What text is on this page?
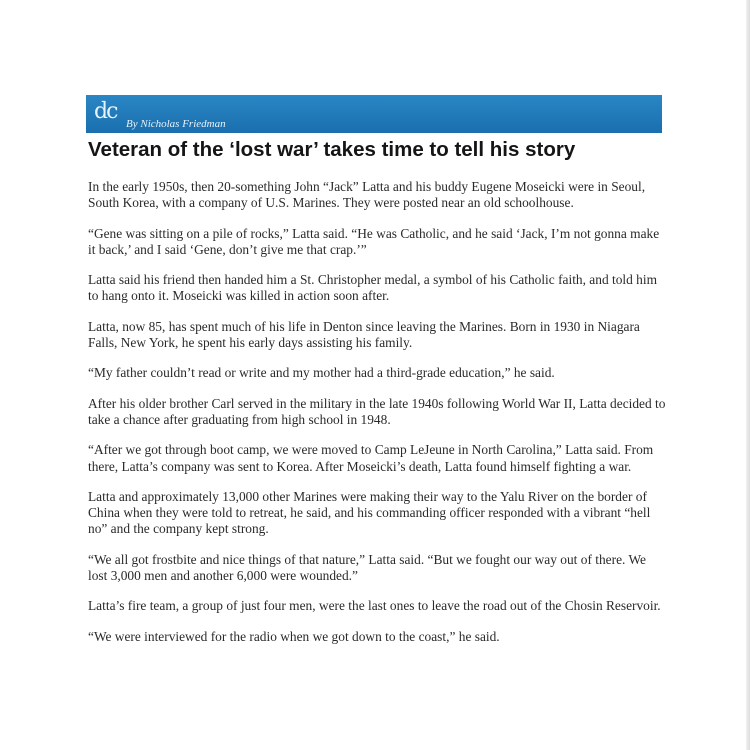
dc By Nicholas Friedman
Veteran of the ‘lost war’ takes time to tell his story

In the early 1950s, then 20-something John “Jack” Latta and his buddy Eugene Moseicki were in Seoul, South Korea, with a company of U.S. Marines. They were posted near an old schoolhouse.

“Gene was sitting on a pile of rocks,” Latta said. “He was Catholic, and he said ‘Jack, I’m not gonna make it back,’ and I said ‘Gene, don’t give me that crap.’”

Latta said his friend then handed him a St. Christopher medal, a symbol of his Catholic faith, and told him to hang onto it. Moseicki was killed in action soon after.

Latta, now 85, has spent much of his life in Denton since leaving the Marines. Born in 1930 in Niagara Falls, New York, he spent his early days assisting his family.

“My father couldn’t read or write and my mother had a third-grade education,” he said.

After his older brother Carl served in the military in the late 1940s following World War II, Latta decided to take a chance after graduating from high school in 1948.

“After we got through boot camp, we were moved to Camp LeJeune in North Carolina,” Latta said. From there, Latta’s company was sent to Korea. After Moseicki’s death, Latta found himself fighting a war.

Latta and approximately 13,000 other Marines were making their way to the Yalu River on the border of China when they were told to retreat, he said, and his commanding officer responded with a vibrant “hell no” and the company kept strong.

“We all got frostbite and nice things of that nature,” Latta said. “But we fought our way out of there. We lost 3,000 men and another 6,000 were wounded.”

Latta’s fire team, a group of just four men, were the last ones to leave the road out of the Chosin Reservoir.

“We were interviewed for the radio when we got down to the coast,” he said.
